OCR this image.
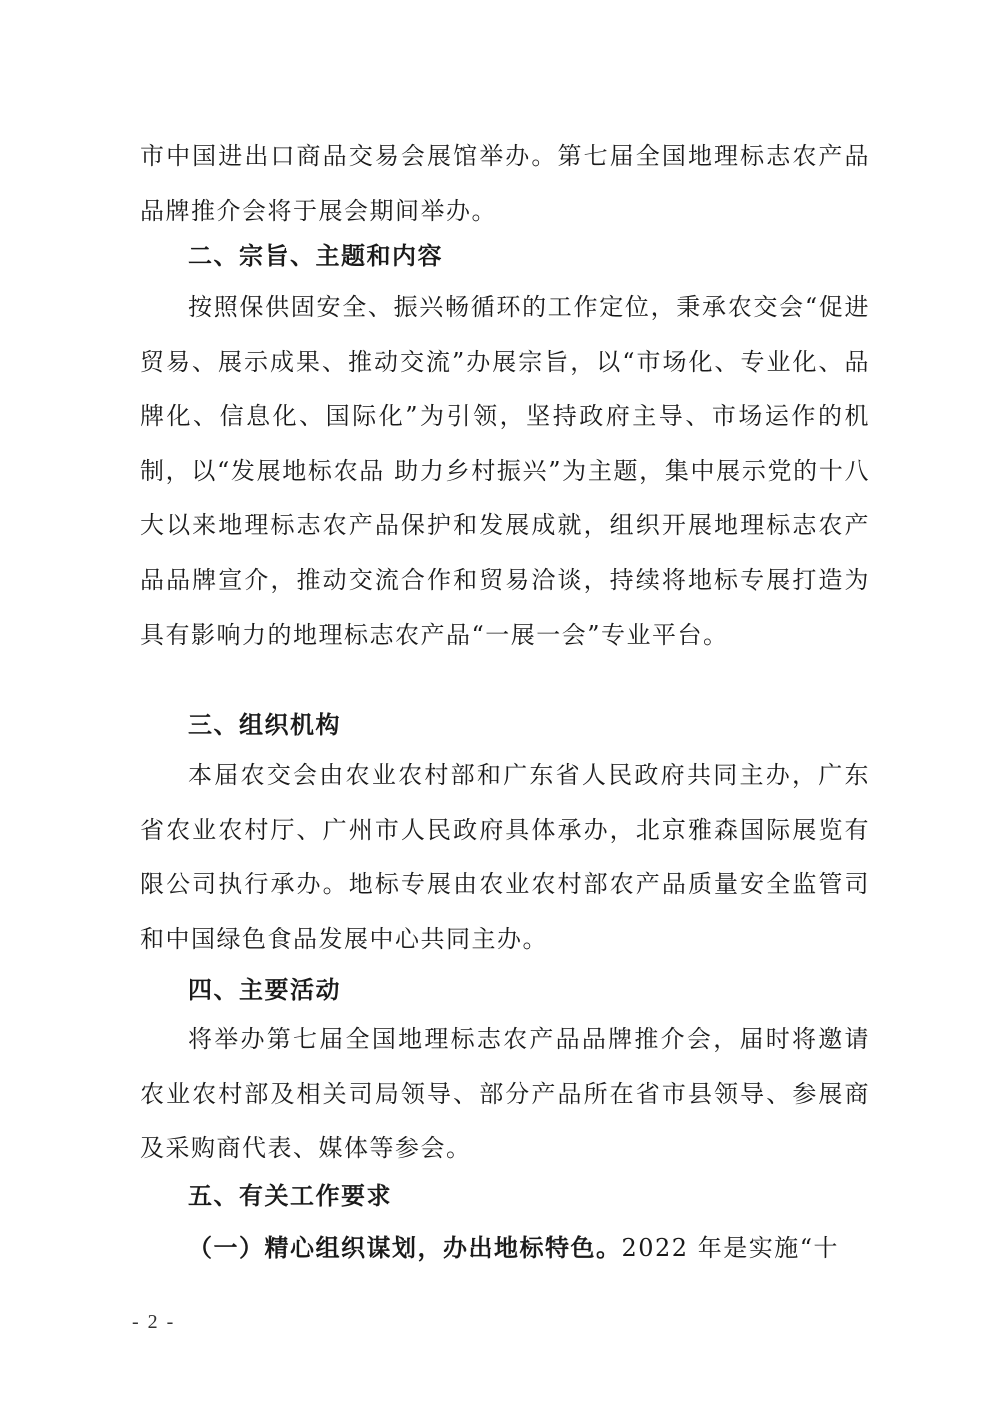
市中国进出口商品交易会展馆举办。第七届全国地理标志农产品品牌推介会将于展会期间举办。

二、宗旨、主题和内容

按照保供固安全、振兴畅循环的工作定位，秉承农交会“促进贸易、展示成果、推动交流”办展宗旨，以“市场化、专业化、品牌化、信息化、国际化”为引领，坚持政府主导、市场运作的机制，以“发展地标农品 助力乡村振兴”为主题，集中展示党的十八大以来地理标志农产品保护和发展成就，组织开展地理标志农产品品牌宣介，推动交流合作和贸易洽谈，持续将地标专展打造为具有影响力的地理标志农产品“一展一会”专业平台。

三、组织机构

本届农交会由农业农村部和广东省人民政府共同主办，广东省农业农村厅、广州市人民政府具体承办，北京雅森国际展览有限公司执行承办。地标专展由农业农村部农产品质量安全监管司和中国绿色食品发展中心共同主办。

四、主要活动

将举办第七届全国地理标志农产品品牌推介会，届时将邀请农业农村部及相关司局领导、部分产品所在省市县领导、参展商及采购商代表、媒体等参会。

五、有关工作要求

（一）精心组织谋划，办出地标特色。2022 年是实施“十

- 2 -
